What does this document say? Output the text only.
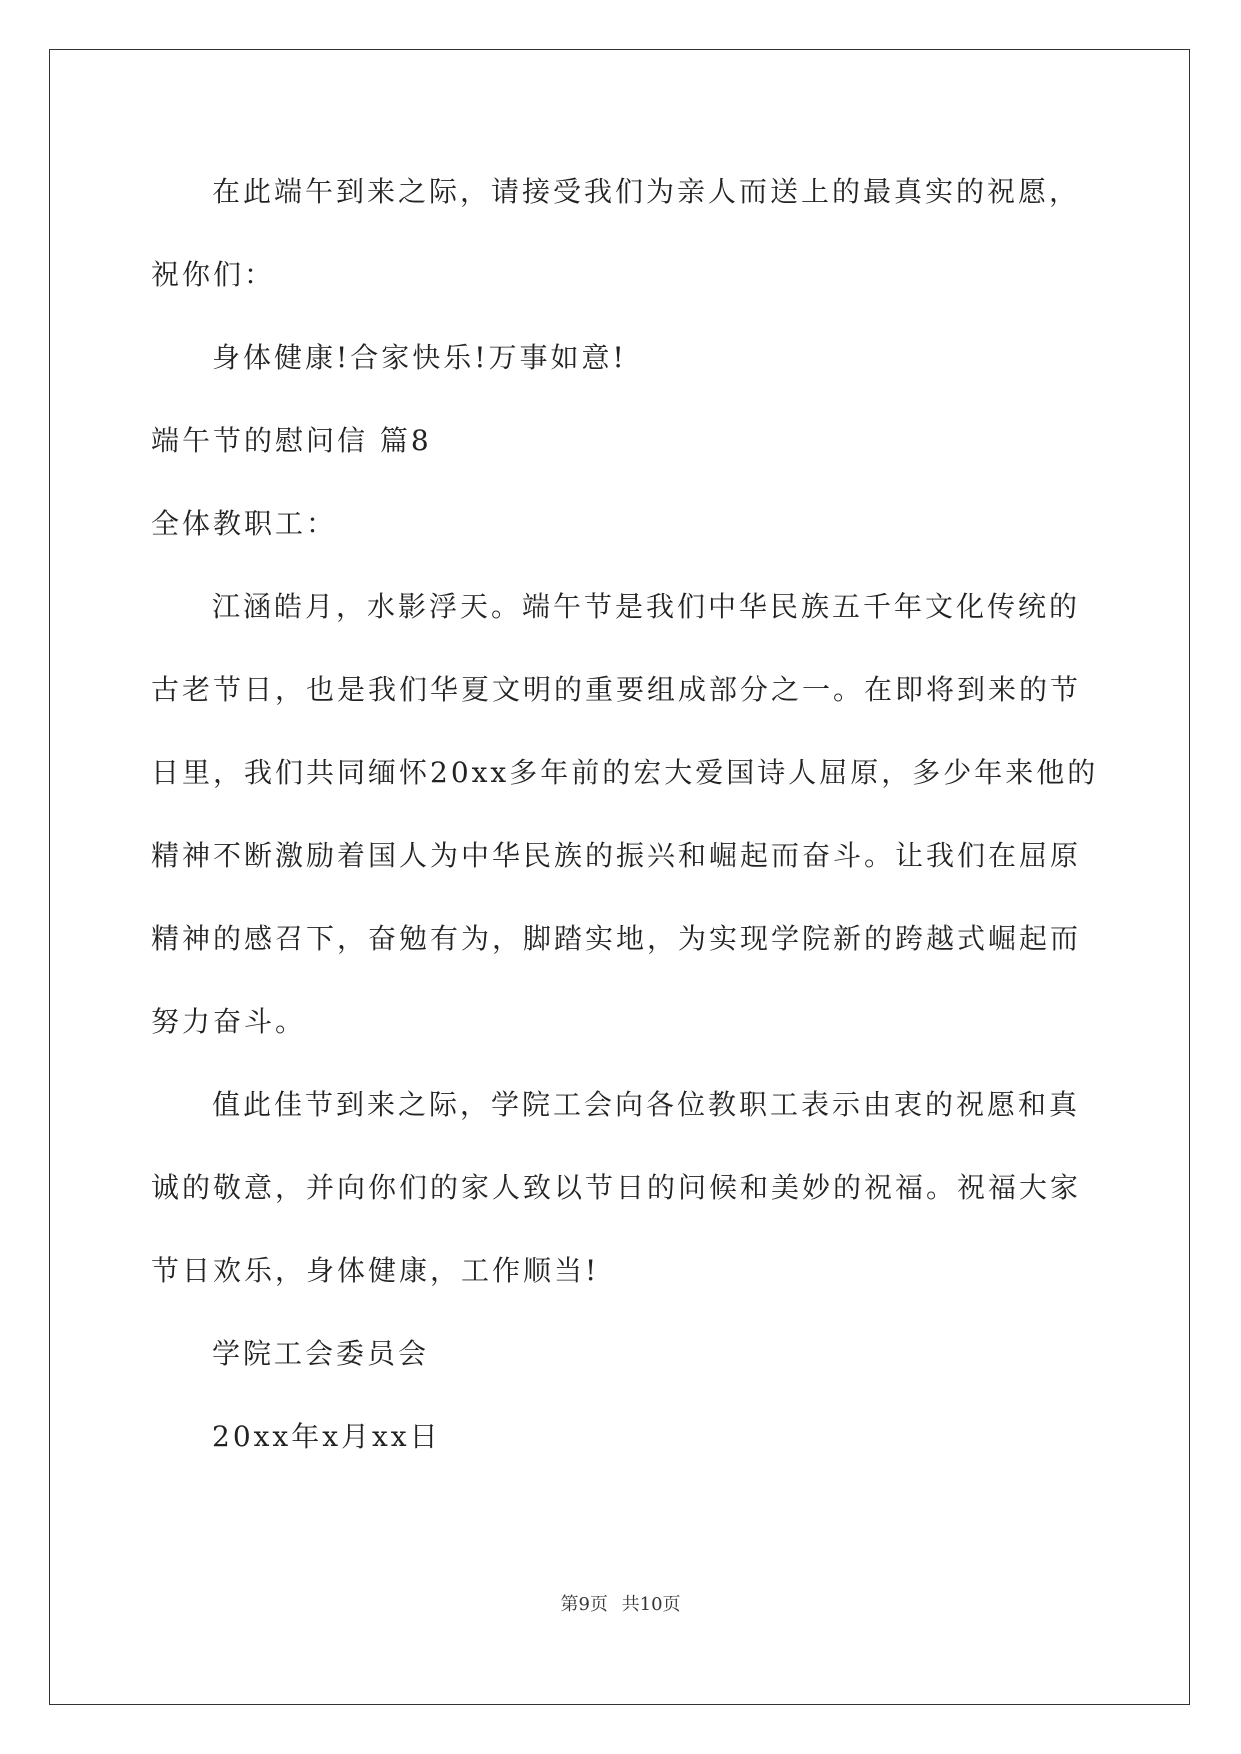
在此端午到来之际，请接受我们为亲人而送上的最真实的祝愿，
祝你们：
身体健康!合家快乐!万事如意!
端午节的慰问信 篇8
全体教职工：
江涵皓月，水影浮天。端午节是我们中华民族五千年文化传统的
古老节日，也是我们华夏文明的重要组成部分之一。在即将到来的节
日里，我们共同缅怀20xx多年前的宏大爱国诗人屈原，多少年来他的
精神不断激励着国人为中华民族的振兴和崛起而奋斗。让我们在屈原
精神的感召下，奋勉有为，脚踏实地，为实现学院新的跨越式崛起而
努力奋斗。
值此佳节到来之际，学院工会向各位教职工表示由衷的祝愿和真
诚的敬意，并向你们的家人致以节日的问候和美妙的祝福。祝福大家
节日欢乐，身体健康，工作顺当!
学院工会委员会
20xx年x月xx日
第9页 共10页
